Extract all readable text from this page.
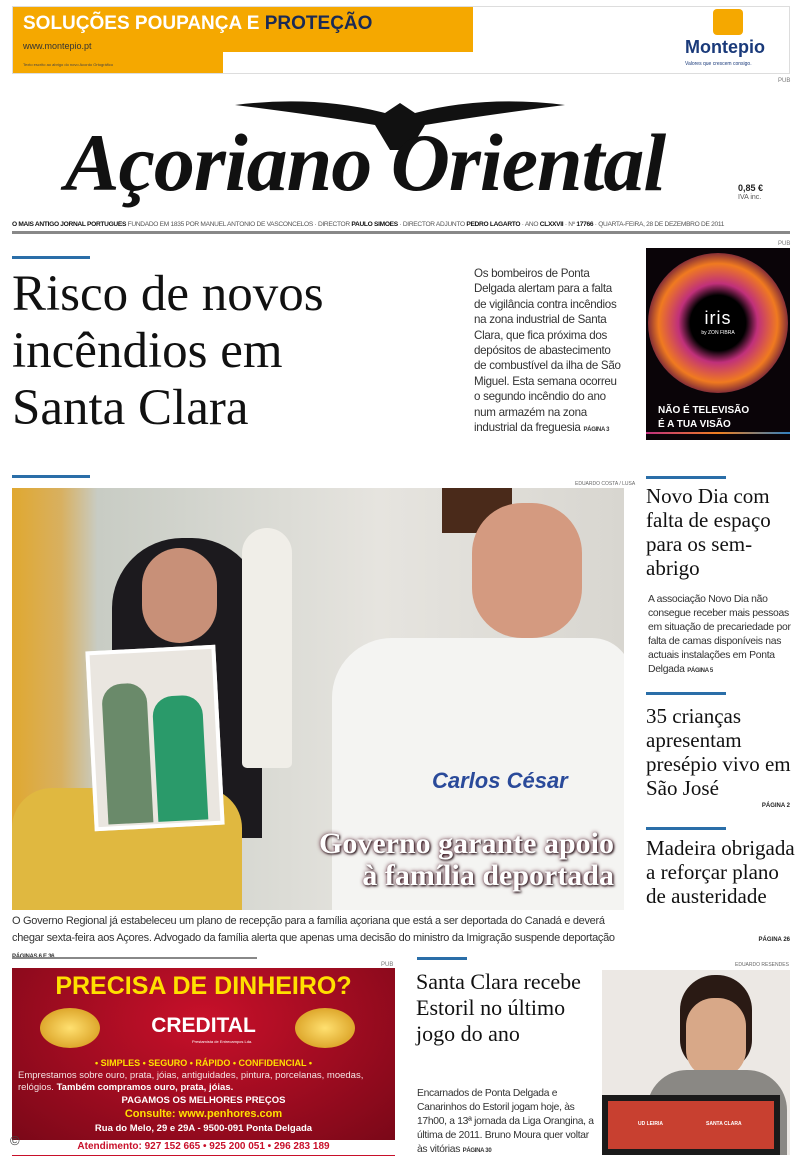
SOLUÇÕES POUPANÇA E PROTEÇÃO
www.montepio.pt
Texto escrito ao abrigo do novo Acordo Ortográfico
Montepio
Valores que crescem consigo.
PUB
Açoriano Oriental	0,85 €
IVA inc.
O MAIS ANTIGO JORNAL PORTUGUÊS FUNDADO EM 1835 POR MANUEL ANTÓNIO DE VASCONCELOS · DIRECTOR PAULO SIMÕES · DIRECTOR ADJUNTO PEDRO LAGARTO · ANO CLXXVII · Nº 17766 · QUARTA-FEIRA, 28 DE DEZEMBRO DE 2011
Risco de novos incêndios em Santa Clara
Os bombeiros de Ponta Delgada alertam para a falta de vigilância contra incêndios na zona industrial de Santa Clara, que fica próxima dos depósitos de abastecimento de combustível da ilha de São Miguel. Esta semana ocorreu o segundo incêndio do ano num armazém na zona industrial da freguesia PÁGINA 3
PUB
iris
by ZON FIBRA
NÃO É TELEVISÃO
É A TUA VISÃO
EDUARDO COSTA / LUSA
Carlos César
Governo garante apoio
à família deportada
O Governo Regional já estabeleceu um plano de recepção para a família açoriana que está a ser deportada do Canadá e deverá chegar sexta-feira aos Açores. Advogado da família alerta que apenas uma decisão do ministro da Imigração suspende deportação
Novo Dia com falta de espaço para os sem-abrigo
A associação Novo Dia não consegue receber mais pessoas em situação de precariedade por falta de camas disponíveis nas actuais instalações em Ponta Delgada PÁGINA 5
35 crianças apresentam presépio vivo em São José
PÁGINA 2
Madeira obrigada a reforçar plano de austeridade
PÁGINA 26
PUB
PRECISA DE DINHEIRO?
CREDITAL
Prestamista de Entrecampos Lda.
• SIMPLES • SEGURO • RÁPIDO • CONFIDENCIAL •
Emprestamos sobre ouro, prata, jóias, antiguidades, pintura, porcelanas, moedas, relógios. Também compramos ouro, prata, jóias.
PAGAMOS OS MELHORES PREÇOS
Consulte: www.penhores.com
Rua do Melo, 29 e 29A - 9500-091 Ponta Delgada
©	Atendimento: 927 152 665 • 925 200 051 • 296 283 189
Santa Clara recebe Estoril no último jogo do ano
Encarnados de Ponta Delgada e Canarinhos do Estoril jogam hoje, às 17h00, a 13ª jornada da Liga Orangina, a última de 2011. Bruno Moura quer voltar às vitórias PÁGINA 30
EDUARDO RESENDES
UD LEIRIA	SANTA CLARA
